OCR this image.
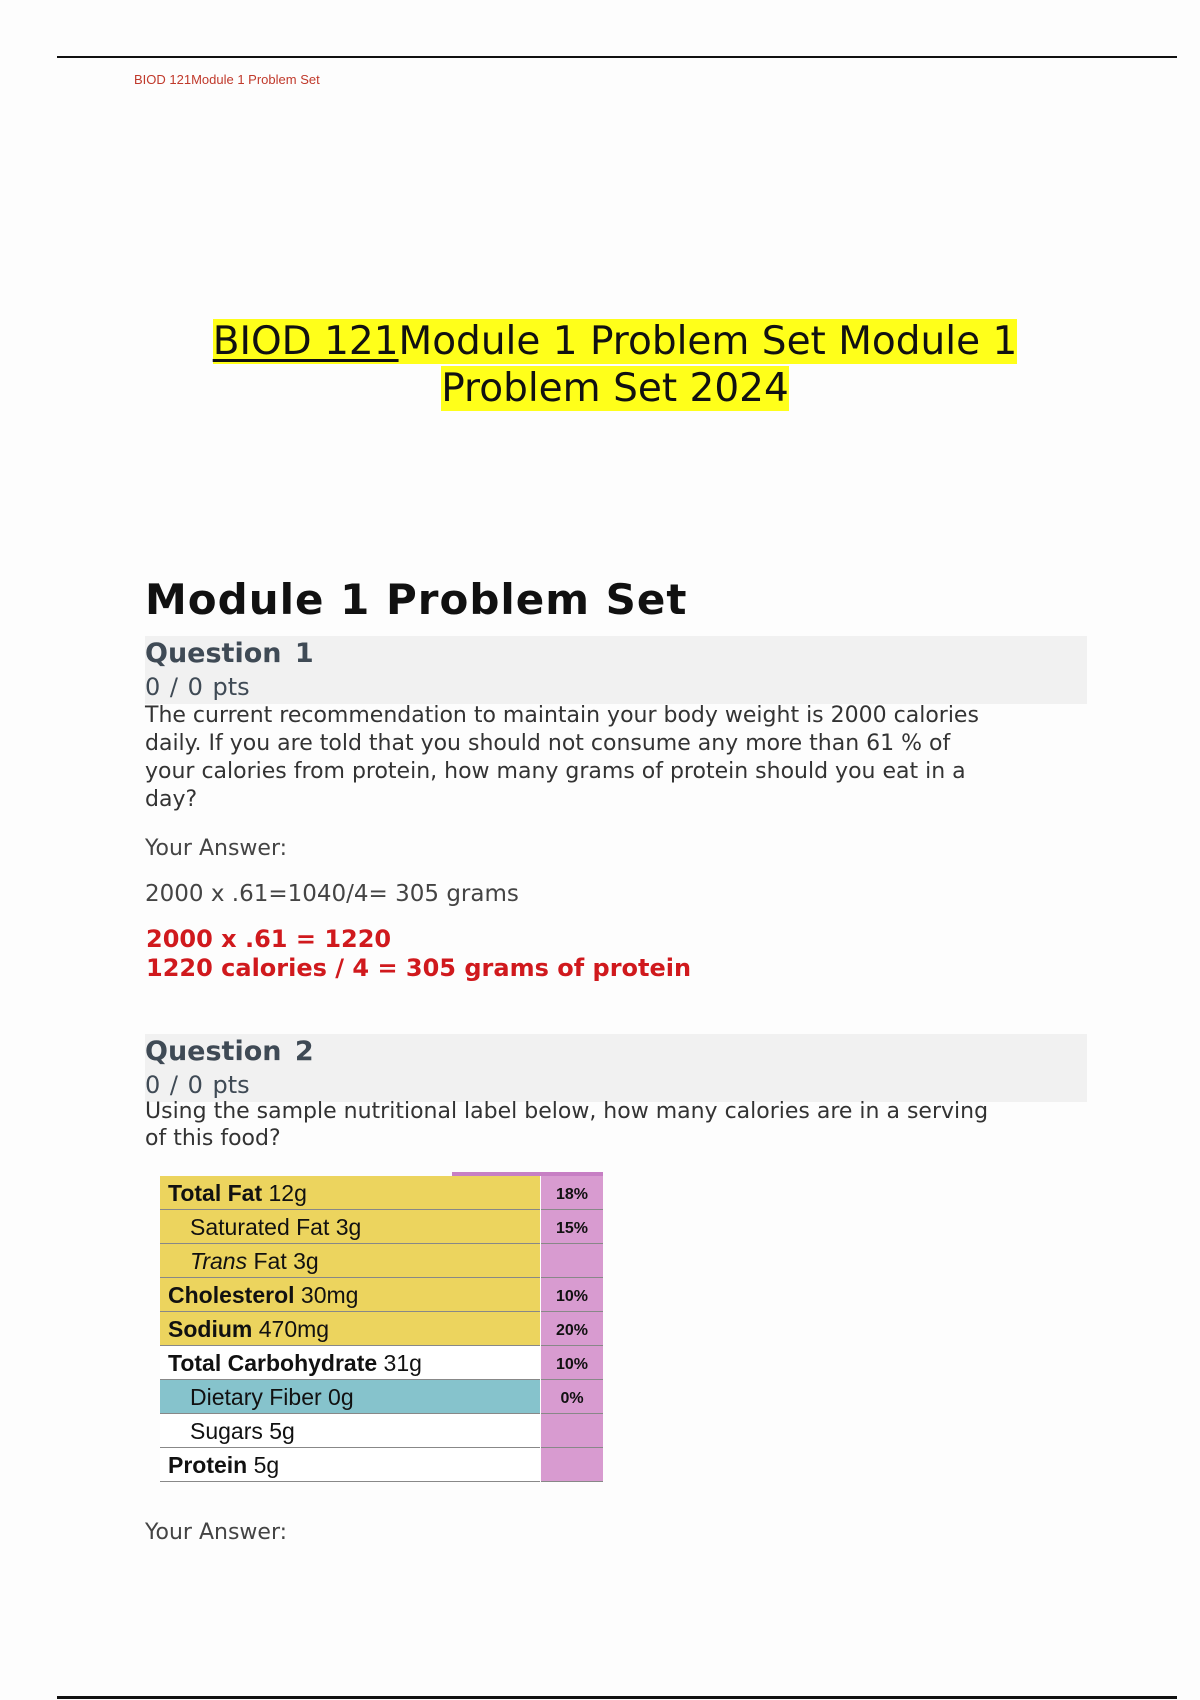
BIOD 121Module 1 Problem Set
BIOD 121Module 1 Problem Set Module 1
Problem Set 2024
Module 1 Problem Set
Question 1
0 / 0 pts
The current recommendation to maintain your body weight is 2000 calories
daily. If you are told that you should not consume any more than 61 % of
your calories from protein, how many grams of protein should you eat in a
day?
Your Answer:
2000 x .61=1040/4= 305 grams
2000 x .61 = 1220
1220 calories / 4 = 305 grams of protein
Question 2
0 / 0 pts
Using the sample nutritional label below, how many calories are in a serving
of this food?
Total Fat 12g	18%
Saturated Fat 3g	15%
Trans Fat 3g
Cholesterol 30mg	10%
Sodium 470mg	20%
Total Carbohydrate 31g	10%
Dietary Fiber 0g	0%
Sugars 5g
Protein 5g
Your Answer:
